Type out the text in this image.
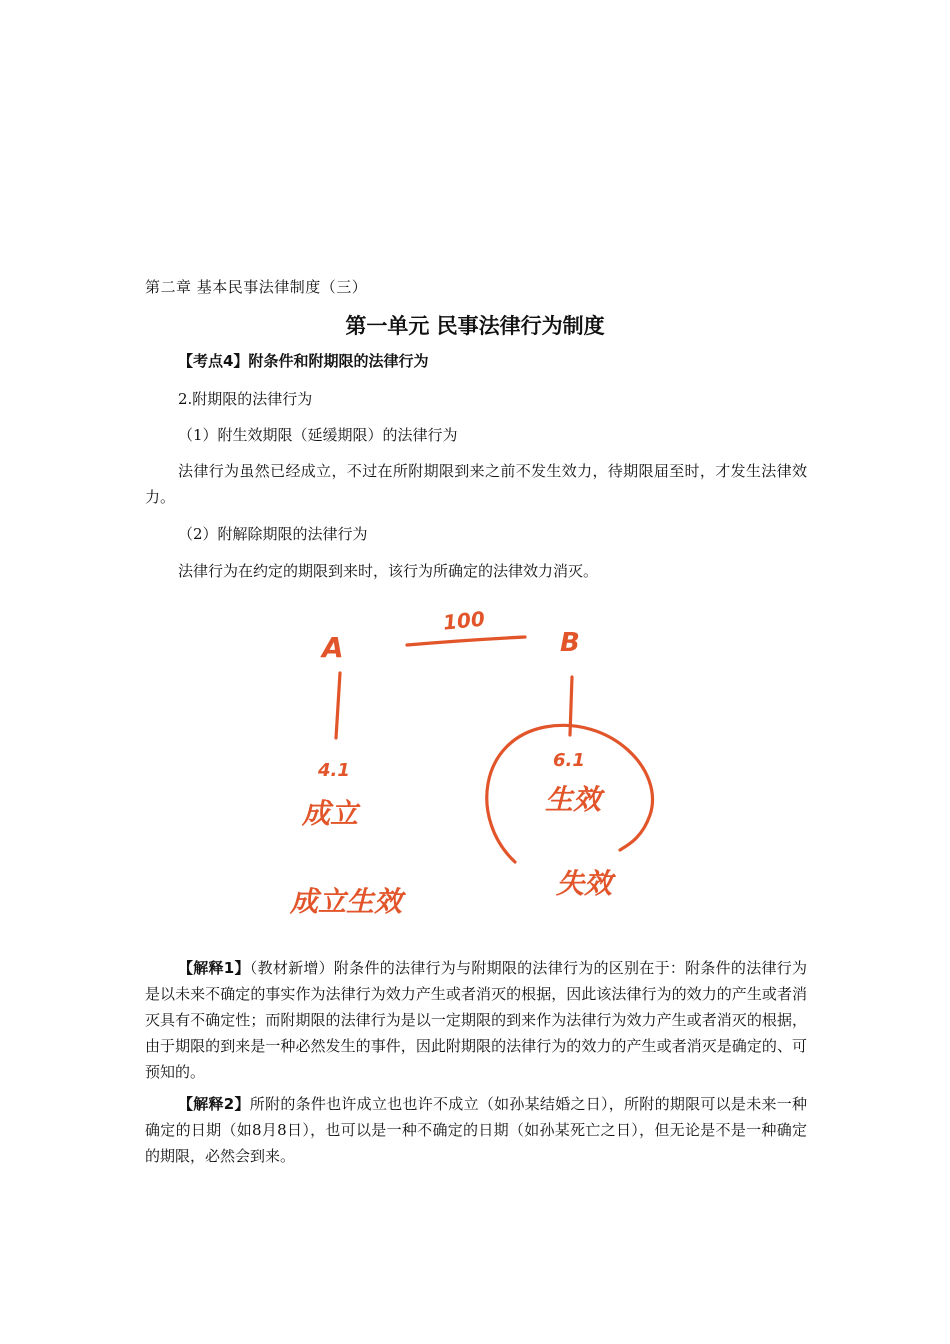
第二章 基本民事法律制度（三）
第一单元 民事法律行为制度
【考点4】附条件和附期限的法律行为
2.附期限的法律行为
（1）附生效期限（延缓期限）的法律行为
法律行为虽然已经成立，不过在所附期限到来之前不发生效力，待期限届至时，才发生法律效力。
（2）附解除期限的法律行为
法律行为在约定的期限到来时，该行为所确定的法律效力消灭。
A
100
B
4.1	6.1
成立	生效
失效
成立生效
【解释1】（教材新增）附条件的法律行为与附期限的法律行为的区别在于：附条件的法律行为是以未来不确定的事实作为法律行为效力产生或者消灭的根据，因此该法律行为的效力的产生或者消灭具有不确定性；而附期限的法律行为是以一定期限的到来作为法律行为效力产生或者消灭的根据，由于期限的到来是一种必然发生的事件，因此附期限的法律行为的效力的产生或者消灭是确定的、可预知的。
【解释2】所附的条件也许成立也也许不成立（如孙某结婚之日），所附的期限可以是未来一种确定的日期（如8月8日），也可以是一种不确定的日期（如孙某死亡之日），但无论是不是一种确定的期限，必然会到来。
